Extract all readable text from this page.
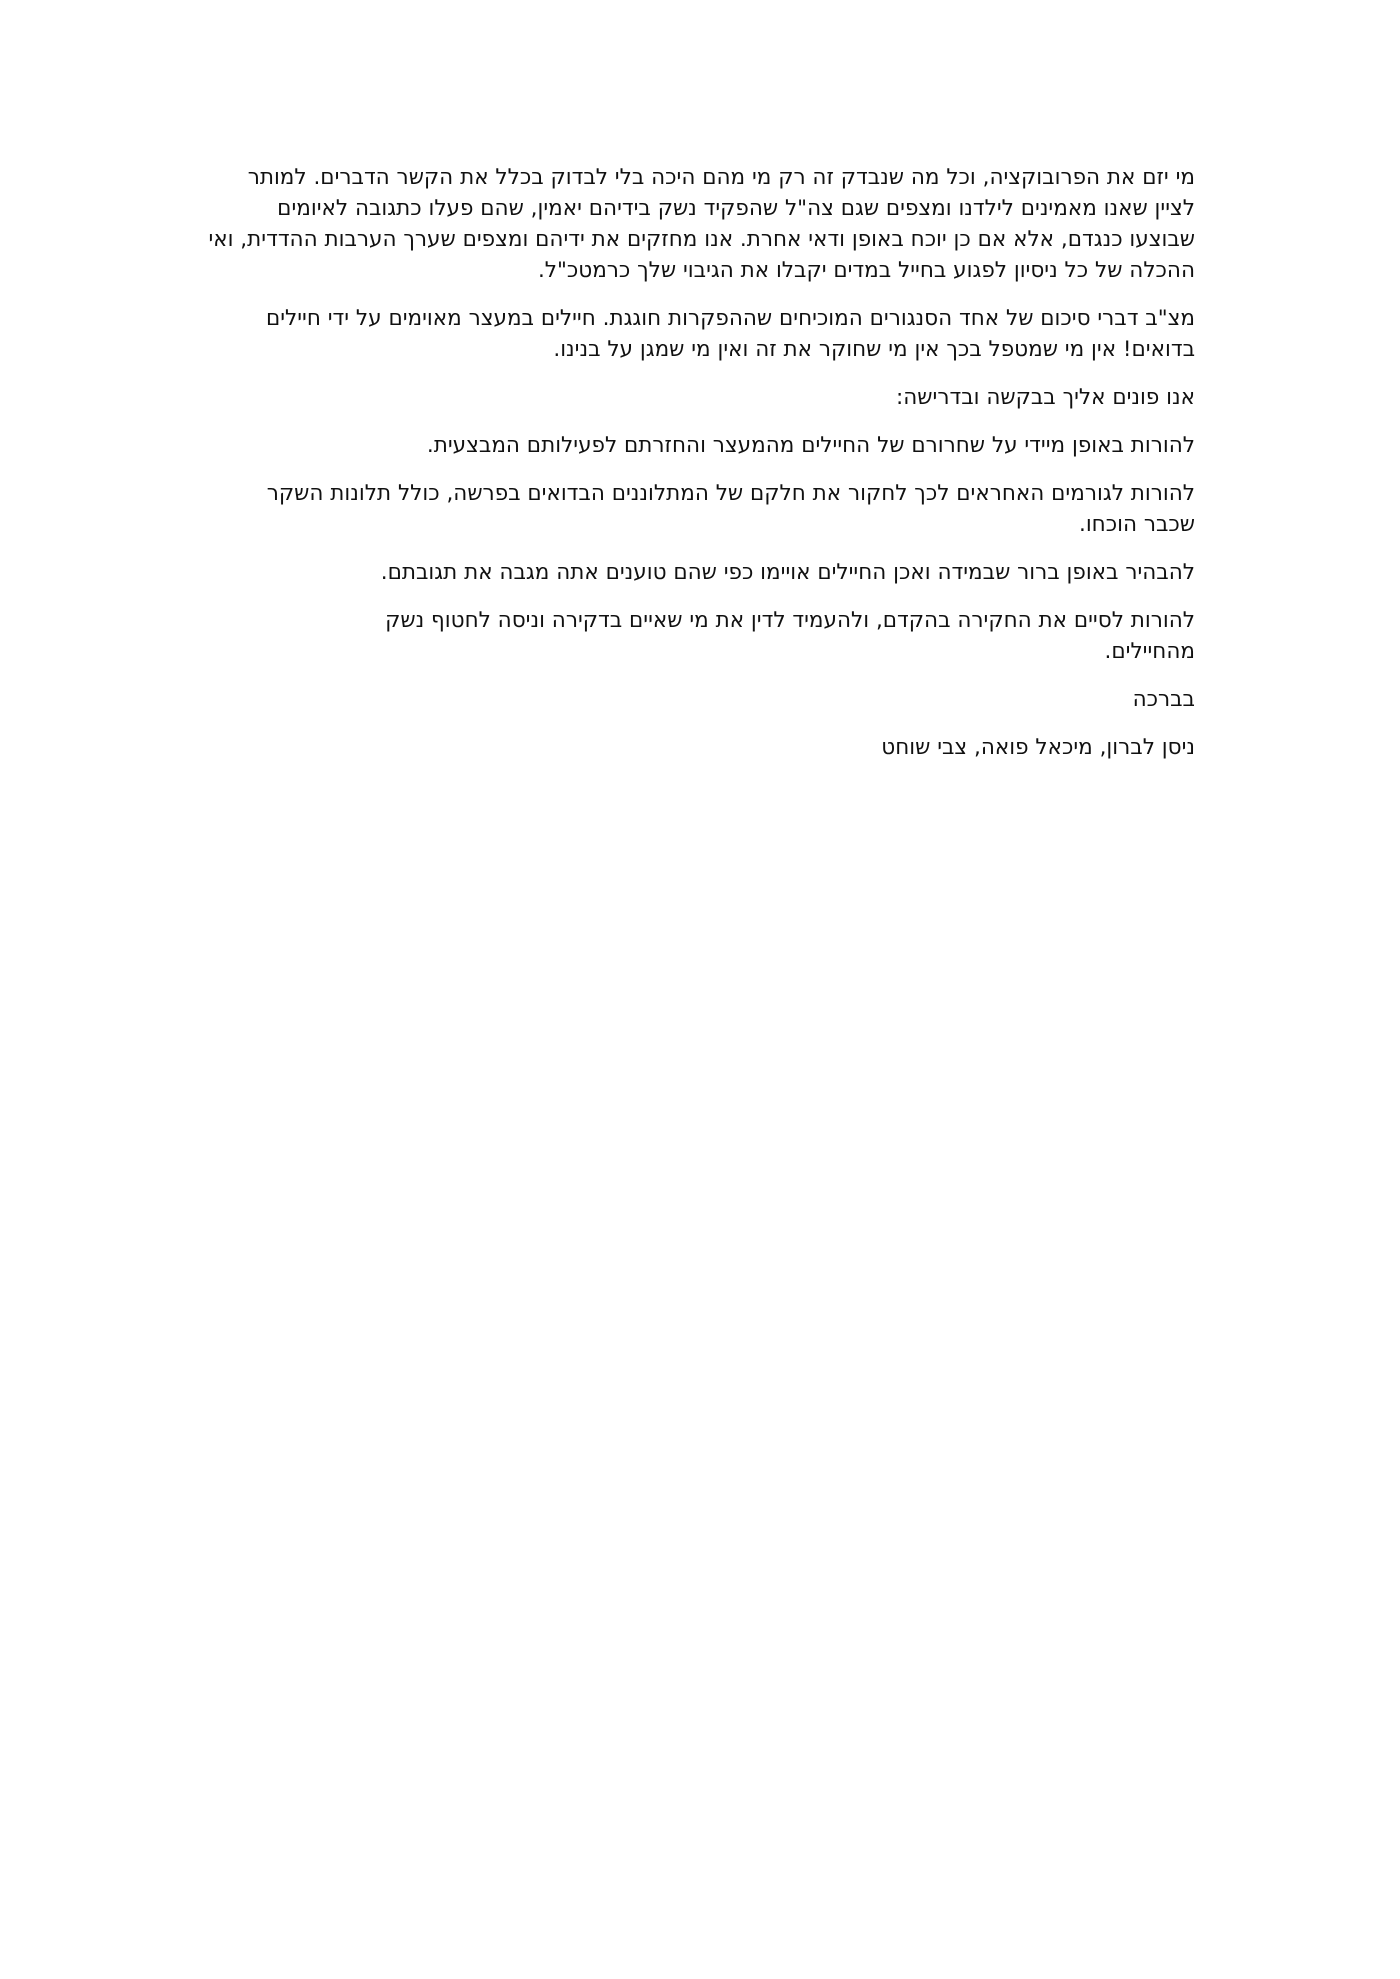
מי יזם את הפרובוקציה, וכל מה שנבדק זה רק מי מהם היכה בלי לבדוק בכלל את הקשר הדברים. למותר לציין שאנו מאמינים לילדנו ומצפים שגם צה"ל שהפקיד נשק בידיהם יאמין, שהם פעלו כתגובה לאיומים שבוצעו כנגדם, אלא אם כן יוכח באופן ודאי אחרת. אנו מחזקים את ידיהם ומצפים שערך הערבות ההדדית, ואי ההכלה של כל ניסיון לפגוע בחייל במדים יקבלו את הגיבוי שלך כרמטכ"ל.

מצ"ב דברי סיכום של אחד הסנגורים המוכיחים שההפקרות חוגגת. חיילים במעצר מאוימים על ידי חיילים בדואים! אין מי שמטפל בכך אין מי שחוקר את זה ואין מי שמגן על בנינו.

אנו פונים אליך בבקשה ובדרישה:

להורות באופן מיידי על שחרורם של החיילים מהמעצר והחזרתם לפעילותם המבצעית.

להורות לגורמים האחראים לכך לחקור את חלקם של המתלוננים הבדואים בפרשה, כולל תלונות השקר שכבר הוכחו.

להבהיר באופן ברור שבמידה ואכן החיילים אויימו כפי שהם טוענים אתה מגבה את תגובתם.

להורות לסיים את החקירה בהקדם, ולהעמיד לדין את מי שאיים בדקירה וניסה לחטוף נשק מהחיילים.

בברכה

ניסן לברון, מיכאל פואה, צבי שוחט
